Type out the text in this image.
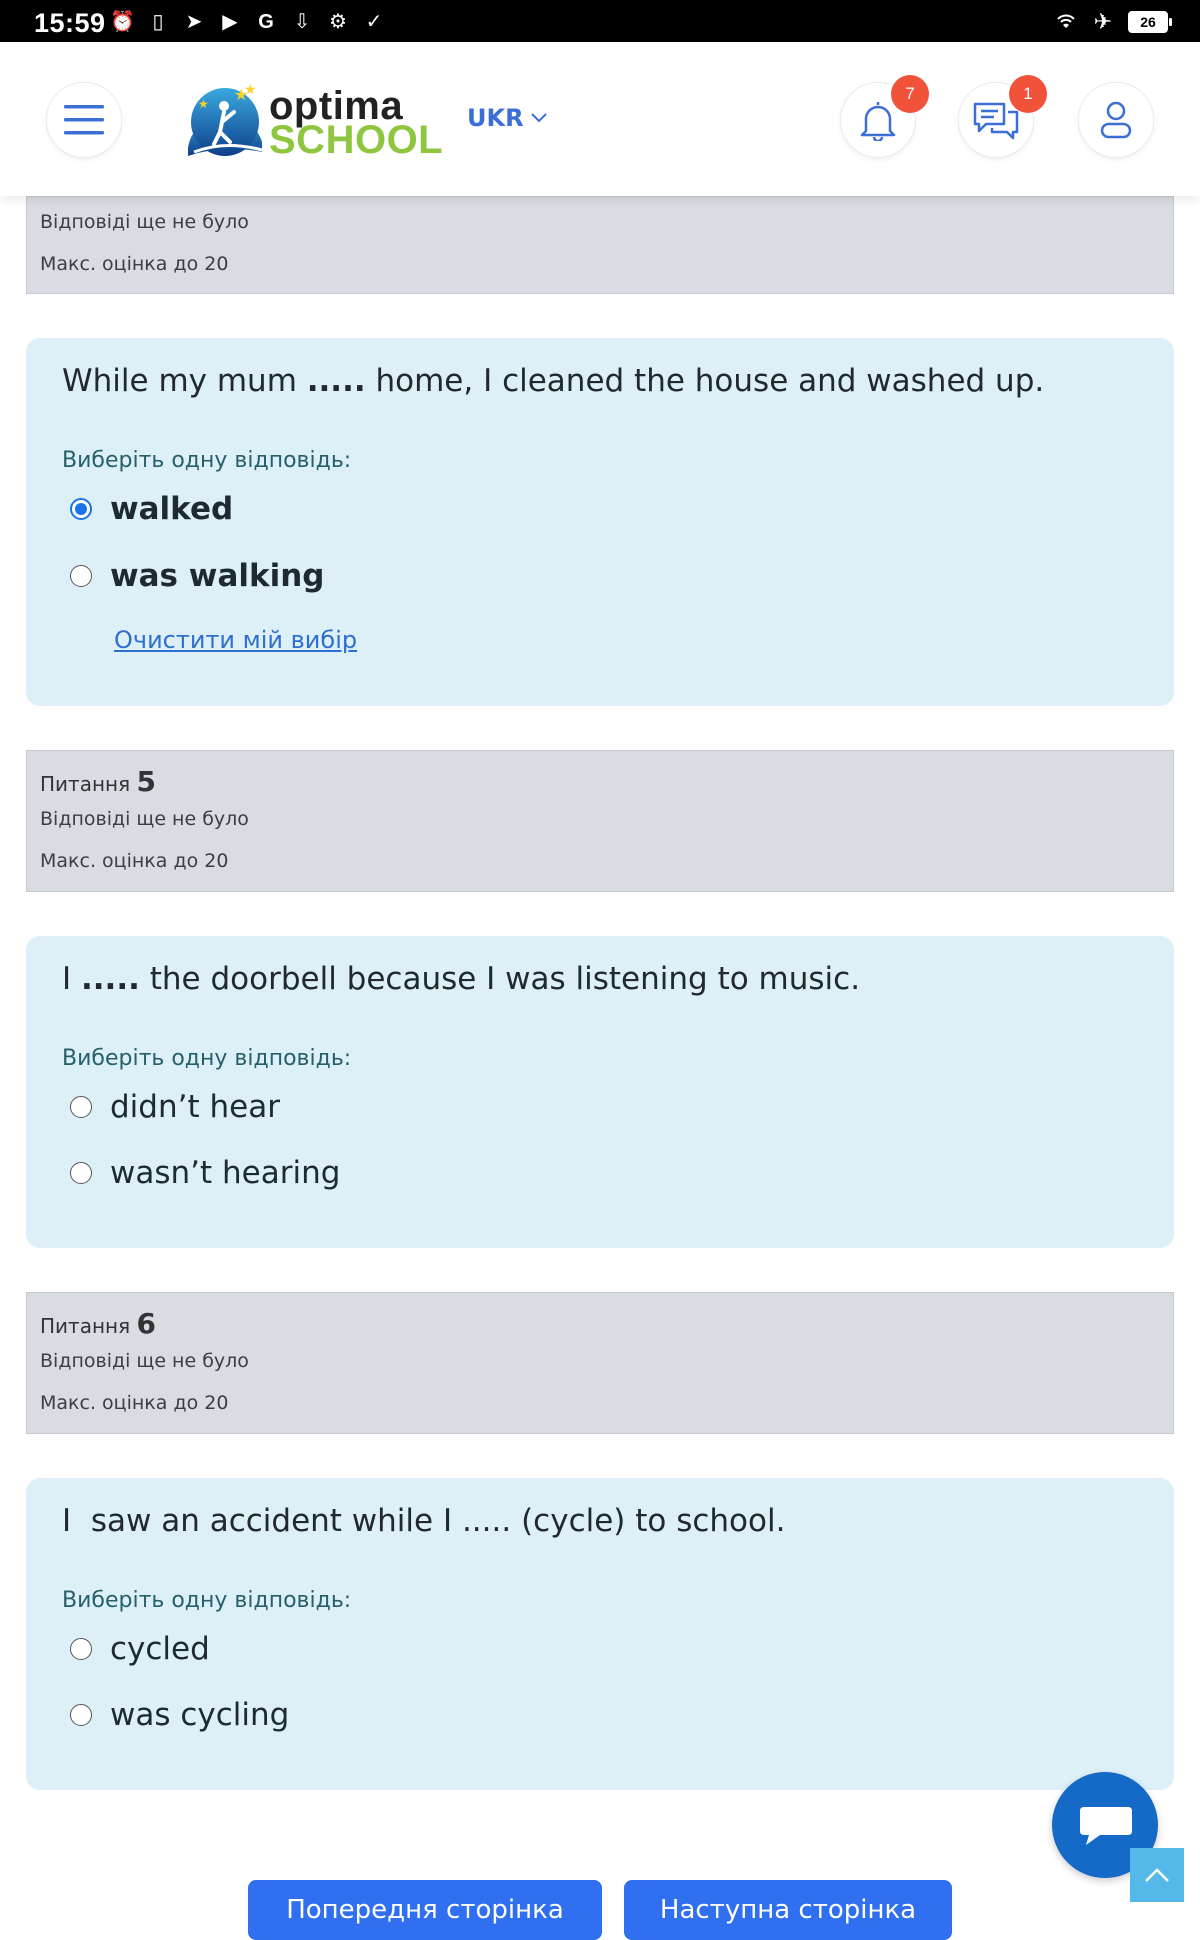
15:59 ⏰ ▯	➤ ▶ G ⇩ ⚙ ✓	✈	26
★
★
★ optima
SCHOOL UKR
7	1
Відповіді ще не було
Макс. оцінка до 20
While my mum ..... home, I cleaned the house and washed up.
Виберіть одну відповідь:
walked
was walking
Очистити мій вибір
Питання 5
Відповіді ще не було
Макс. оцінка до 20
I ..... the doorbell because I was listening to music.
Виберіть одну відповідь:
didn’t hear
wasn’t hearing
Питання 6
Відповіді ще не було
Макс. оцінка до 20
I  saw an accident while I ..... (cycle) to school.
Виберіть одну відповідь:
cycled
was cycling
Попередня сторінка	Наступна сторінка
